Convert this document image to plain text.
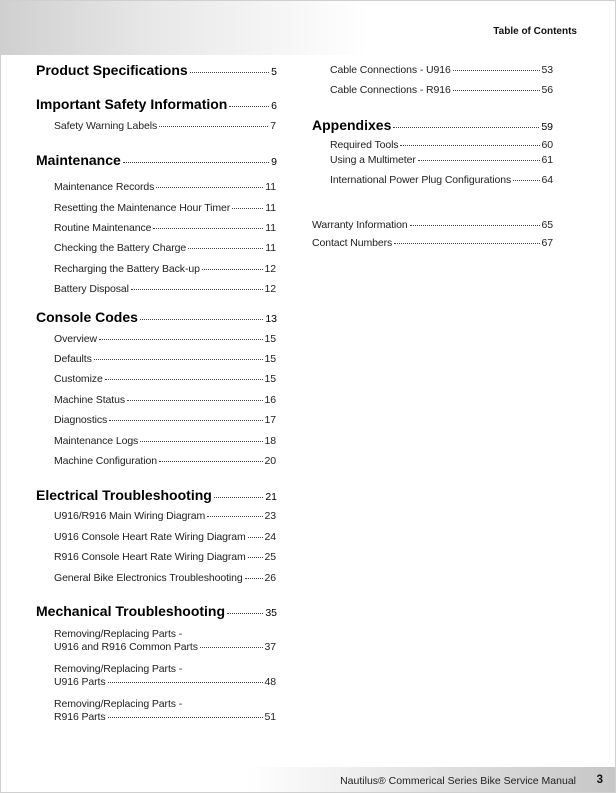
Table of Contents
Product Specifications	5
Important Safety Information	6
Safety Warning Labels	7
Maintenance	9
Maintenance Records	11
Resetting the Maintenance Hour Timer	11
Routine Maintenance	11
Checking the Battery Charge	11
Recharging the Battery Back-up	12
Battery Disposal	12
Console Codes	13
Overview	15
Defaults	15
Customize	15
Machine Status	16
Diagnostics	17
Maintenance Logs	18
Machine Configuration	20
Electrical Troubleshooting	21
U916/R916 Main Wiring Diagram	23
U916 Console Heart Rate Wiring Diagram 24
R916 Console Heart Rate Wiring Diagram 25
General Bike Electronics Troubleshooting 26
Mechanical Troubleshooting	35
Removing/Replacing Parts -
U916 and R916 Common Parts	37
Removing/Replacing Parts -
U916 Parts	48
Removing/Replacing Parts -
R916 Parts	51
Cable Connections - U916	53
Cable Connections - R916	56
Appendixes	59
Required Tools	60
Using a Multimeter	61
International Power Plug Configurations	64
Warranty Information	65
Contact Numbers	67
Nautilus® Commerical Series Bike Service Manual 3
